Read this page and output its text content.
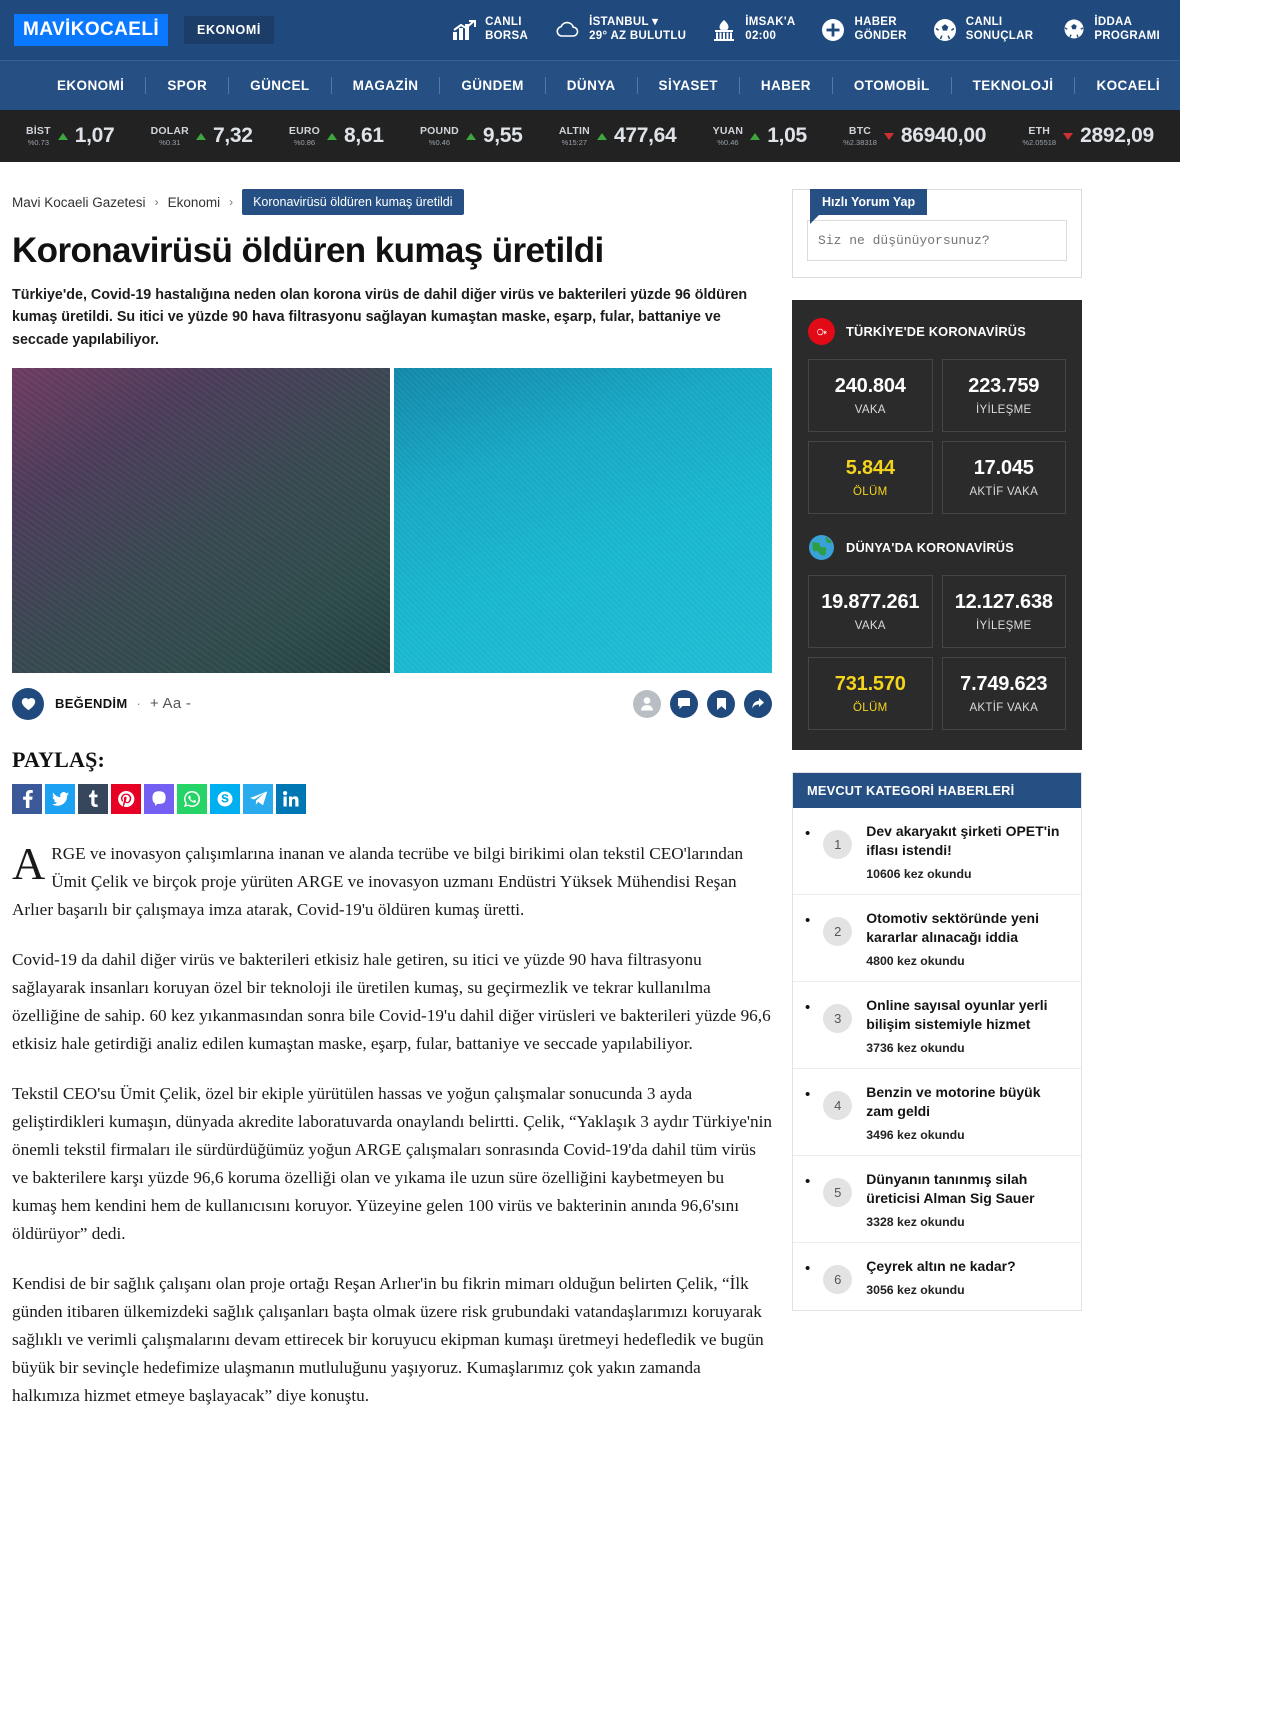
MAVİKOCAELİ	EKONOMİ
CANLI
BORSA
İSTANBUL ▾
29° AZ BULUTLU
İMSAK'A
02:00
HABER
GÖNDER
CANLI
SONUÇLAR
İDDAA
PROGRAMI
EKONOMİ	SPOR	GÜNCEL	MAGAZİN	GÜNDEM	DÜNYA	SİYASET	HABER	OTOMOBİL	TEKNOLOJİ	KOCAELİ	›
BİST
%0.73 1,07	DOLAR
%0.31	7,32	EURO
%0.86 8,61	POUND
%0.46	9,55	ALTIN
%15:27 477,64	YUAN
%0.46 1,05	BTC
%2.38318 86940,00	ETH
%2.05518 2892,09
Mavi Kocaeli Gazetesi › Ekonomi ›	Koronavirüsü öldüren kumaş üretildi
Koronavirüsü öldüren kumaş üretildi

Türkiye'de, Covid-19 hastalığına neden olan korona virüs de dahil diğer virüs ve bakterileri yüzde 96 öldüren kumaş üretildi. Su itici ve yüzde 90 hava filtrasyonu sağlayan kumaştan maske, eşarp, fular, battaniye ve seccade yapılabiliyor.

BEĞENDİM · + Aa -
PAYLAŞ:

ARGE ve inovasyon çalışımlarına inanan ve alanda tecrübe ve bilgi birikimi olan tekstil CEO'larından Ümit Çelik ve birçok proje yürüten ARGE ve inovasyon uzmanı Endüstri Yüksek Mühendisi Reşan Arlıer başarılı bir çalışmaya imza atarak, Covid-19'u öldüren kumaş üretti.

Covid-19 da dahil diğer virüs ve bakterileri etkisiz hale getiren, su itici ve yüzde 90 hava filtrasyonu sağlayarak insanları koruyan özel bir teknoloji ile üretilen kumaş, su geçirmezlik ve tekrar kullanılma özelliğine de sahip. 60 kez yıkanmasından sonra bile Covid-19'u dahil diğer virüsleri ve bakterileri yüzde 96,6 etkisiz hale getirdiği analiz edilen kumaştan maske, eşarp, fular, battaniye ve seccade yapılabiliyor.

Tekstil CEO'su Ümit Çelik, özel bir ekiple yürütülen hassas ve yoğun çalışmalar sonucunda 3 ayda geliştirdikleri kumaşın, dünyada akredite laboratuvarda onaylandı belirtti. Çelik, “Yaklaşık 3 aydır Türkiye'nin önemli tekstil firmaları ile sürdürdüğümüz yoğun ARGE çalışmaları sonrasında Covid-19'da dahil tüm virüs ve bakterilere karşı yüzde 96,6 koruma özelliği olan ve yıkama ile uzun süre özelliğini kaybetmeyen bu kumaş hem kendini hem de kullanıcısını koruyor. Yüzeyine gelen 100 virüs ve bakterinin anında 96,6'sını öldürüyor” dedi.

Kendisi de bir sağlık çalışanı olan proje ortağı Reşan Arlıer'in bu fikrin mimarı olduğun belirten Çelik, “İlk günden itibaren ülkemizdeki sağlık çalışanları başta olmak üzere risk grubundaki vatandaşlarımızı koruyarak sağlıklı ve verimli çalışmalarını devam ettirecek bir koruyucu ekipman kumaşı üretmeyi hedefledik ve bugün büyük bir sevinçle hedefimize ulaşmanın mutluluğunu yaşıyoruz. Kumaşlarımız çok yakın zamanda halkımıza hizmet etmeye başlayacak” diye konuştu.

Hızlı Yorum Yap
Siz ne düşünüyorsunuz?
TÜRKİYE'DE KORONAVİRÜS
240.804
VAKA
223.759
İYİLEŞME
5.844
ÖLÜM
17.045
AKTİF VAKA
DÜNYA'DA KORONAVİRÜS
19.877.261
VAKA
12.127.638
İYİLEŞME
731.570
ÖLÜM
7.749.623
AKTİF VAKA
MEVCUT KATEGORİ HABERLERİ
•
1
Dev akaryakıt şirketi OPET'in iflası istendi!
10606 kez okundu
•
2
Otomotiv sektöründe yeni kararlar alınacağı iddia
4800 kez okundu
•
3
Online sayısal oyunlar yerli bilişim sistemiyle hizmet
3736 kez okundu
•
4
Benzin ve motorine büyük zam geldi
3496 kez okundu
•
5
Dünyanın tanınmış silah üreticisi Alman Sig Sauer
3328 kez okundu
•
6
Çeyrek altın ne kadar?
3056 kez okundu
